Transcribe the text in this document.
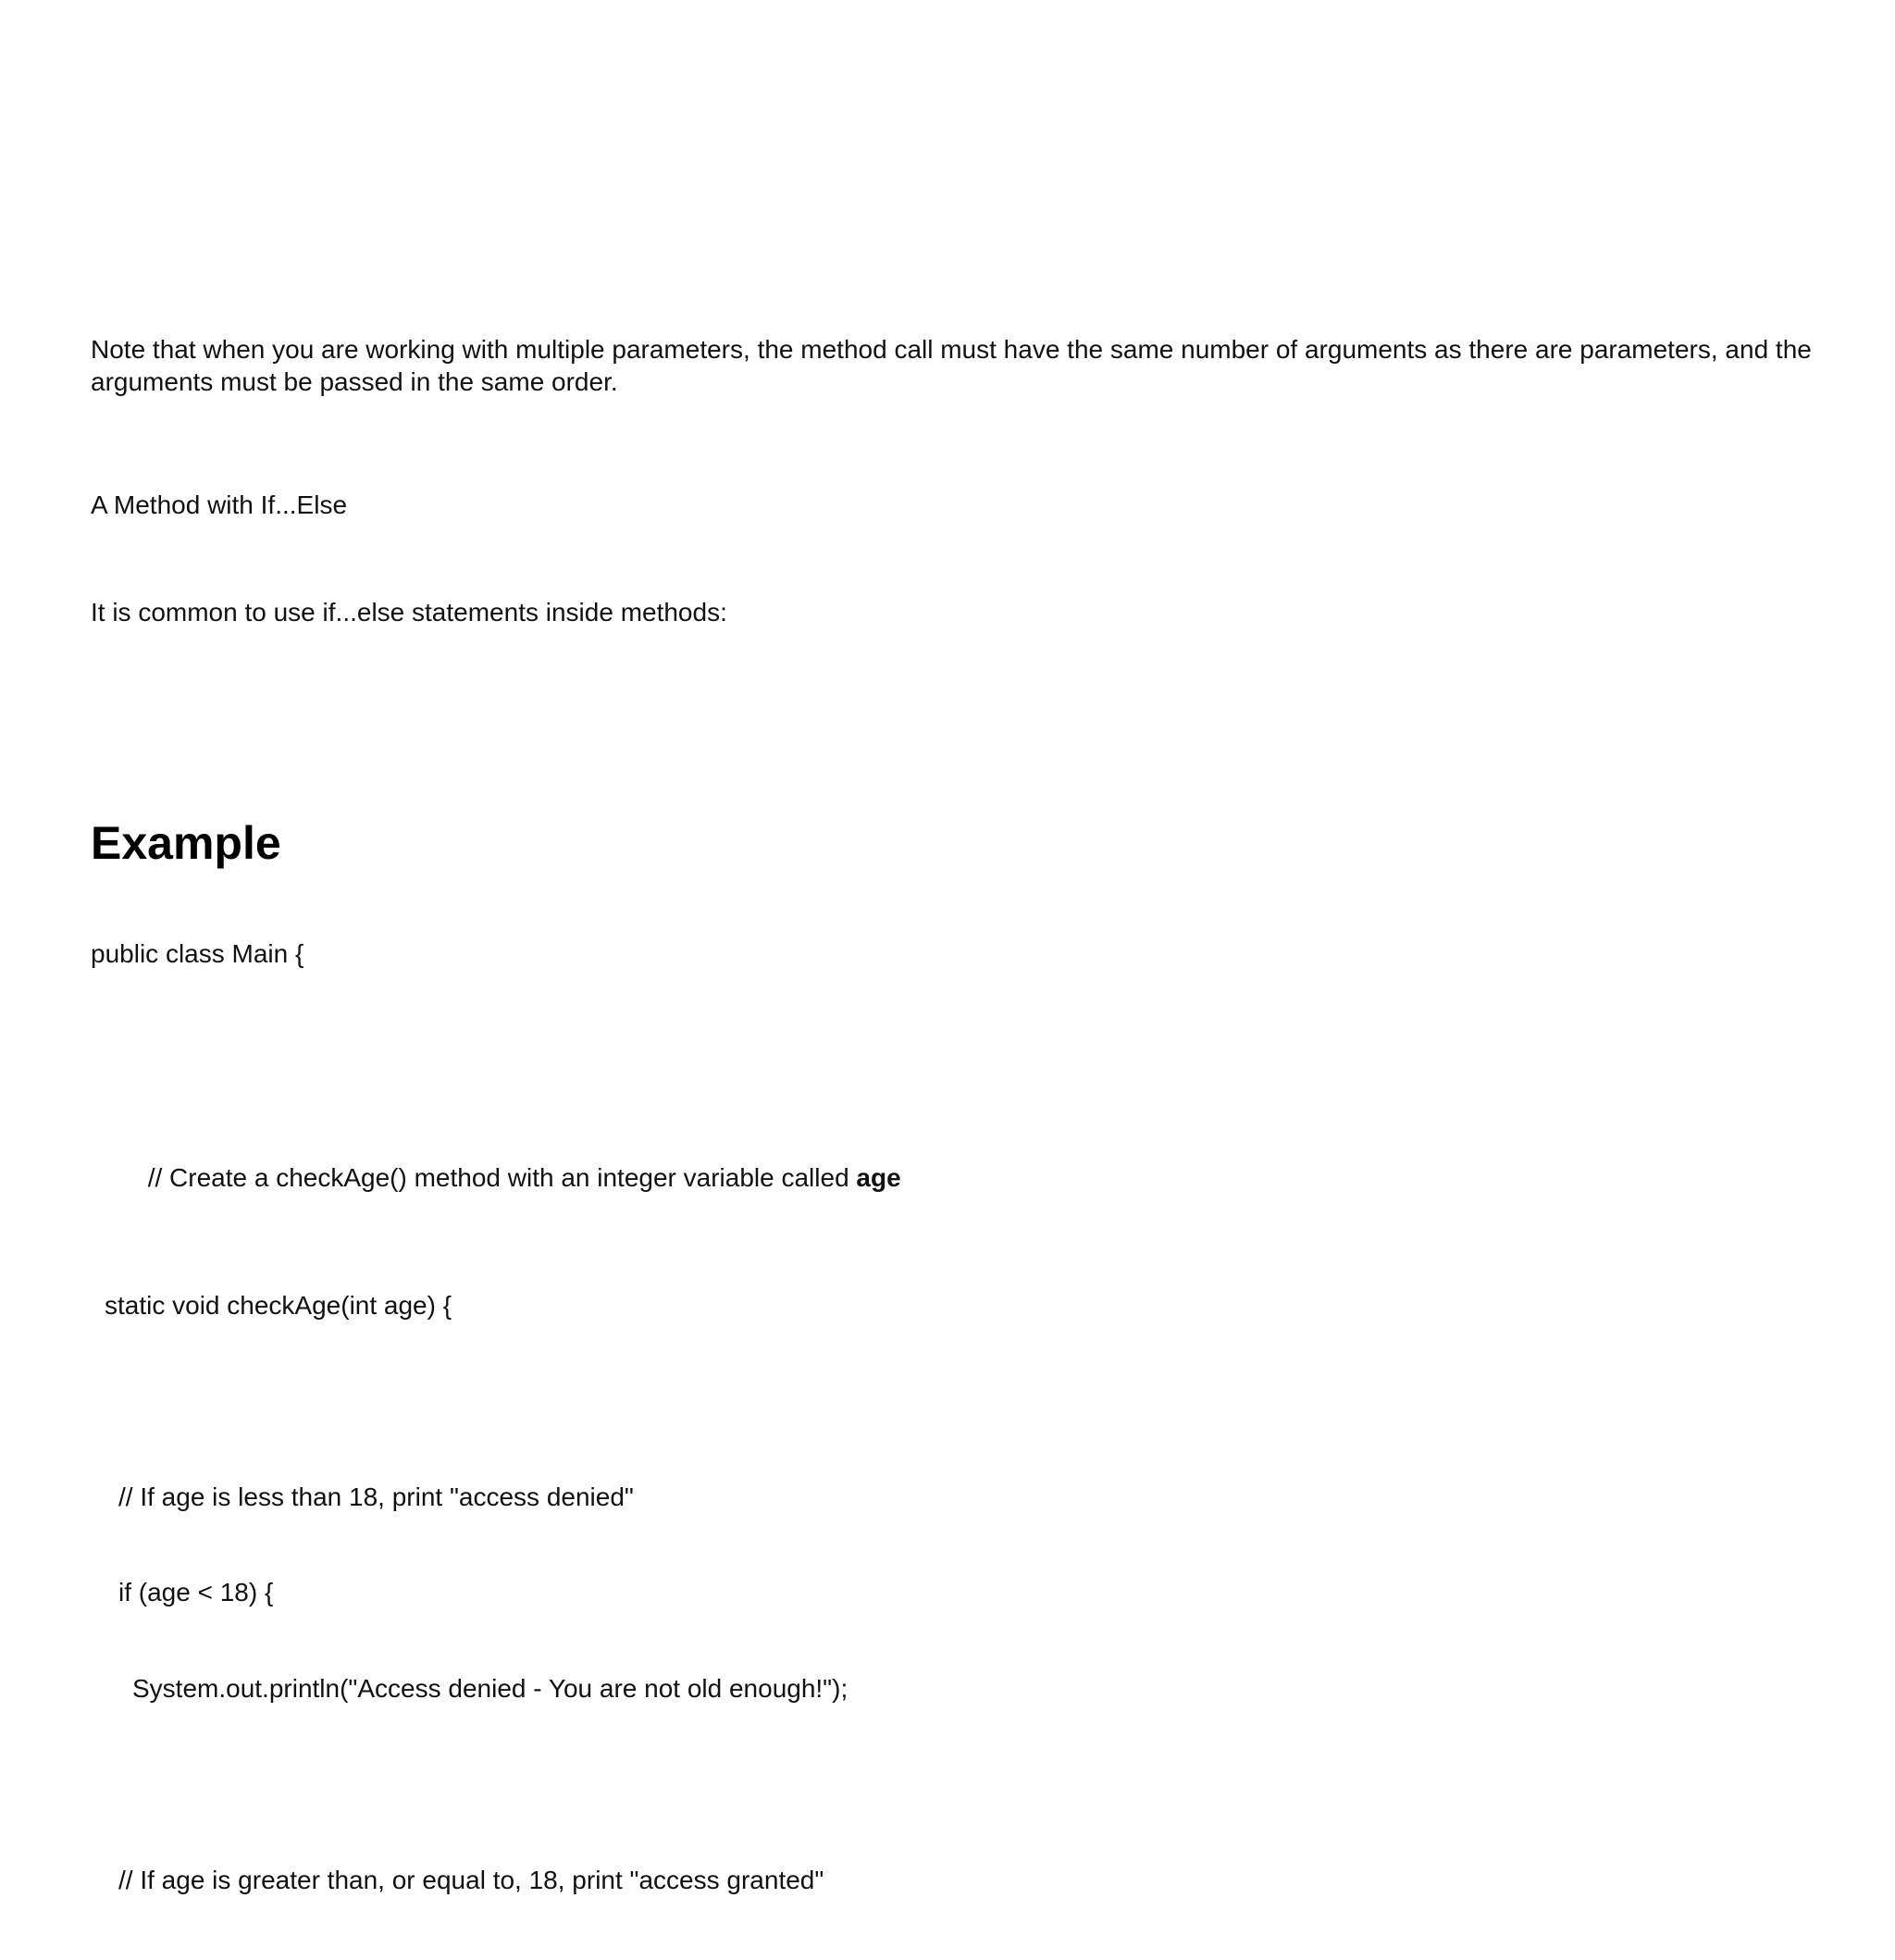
Note that when you are working with multiple parameters, the method call must have the same number of arguments as there are parameters, and the arguments must be passed in the same order.

A Method with If...Else
It is common to use if...else statements inside methods:
Example

public class Main {

// Create a checkAge() method with an integer variable called age

static void checkAge(int age) {

// If age is less than 18, print "access denied"

if (age < 18) {

System.out.println("Access denied - You are not old enough!");

// If age is greater than, or equal to, 18, print "access granted"
